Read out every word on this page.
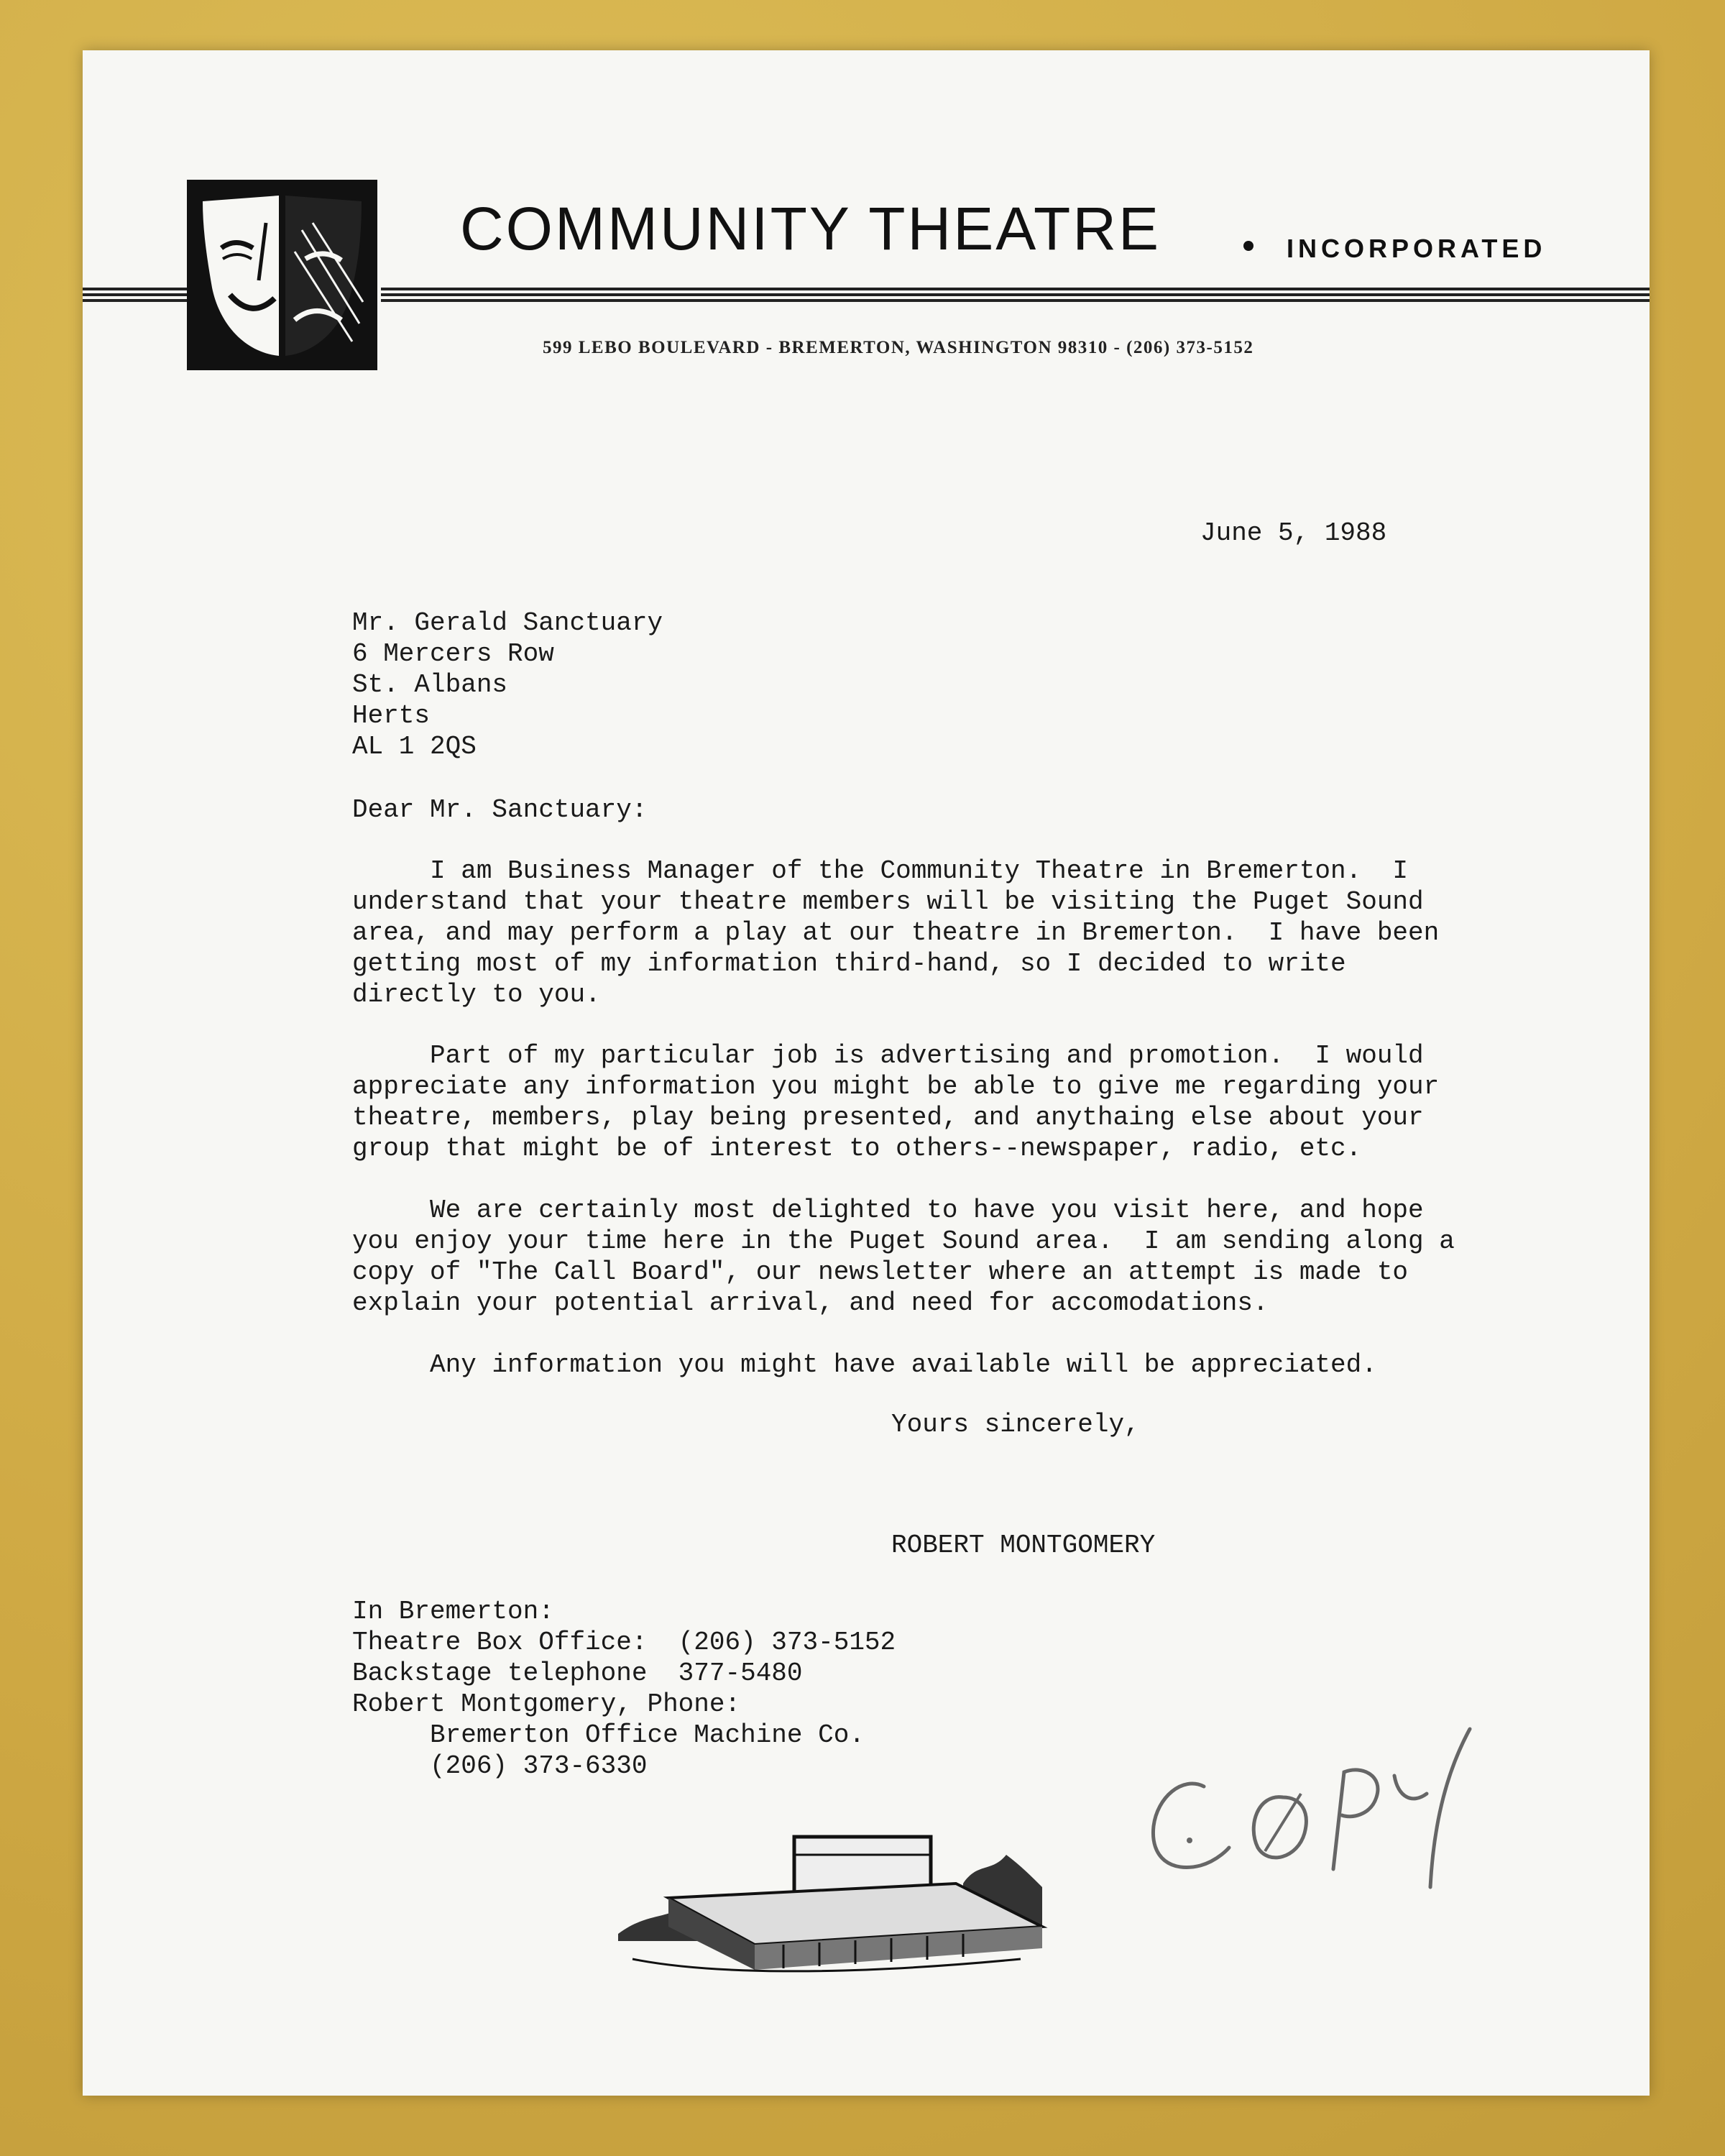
COMMUNITY THEATRE	INCORPORATED
599 LEBO BOULEVARD - BREMERTON, WASHINGTON 98310 - (206) 373-5152
June 5, 1988
Mr. Gerald Sanctuary
6 Mercers Row
St. Albans
Herts
AL 1 2QS
Dear Mr. Sanctuary:
I am Business Manager of the Community Theatre in Bremerton.  I
understand that your theatre members will be visiting the Puget Sound
area, and may perform a play at our theatre in Bremerton.  I have been
getting most of my information third-hand, so I decided to write
directly to you.
Part of my particular job is advertising and promotion.  I would
appreciate any information you might be able to give me regarding your
theatre, members, play being presented, and anythaing else about your
group that might be of interest to others--newspaper, radio, etc.
We are certainly most delighted to have you visit here, and hope
you enjoy your time here in the Puget Sound area.  I am sending along a
copy of "The Call Board", our newsletter where an attempt is made to
explain your potential arrival, and need for accomodations.
Any information you might have available will be appreciated.
Yours sincerely,
ROBERT MONTGOMERY
In Bremerton:
Theatre Box Office:  (206) 373-5152
Backstage telephone  377-5480
Robert Montgomery, Phone:
Bremerton Office Machine Co.
(206) 373-6330
